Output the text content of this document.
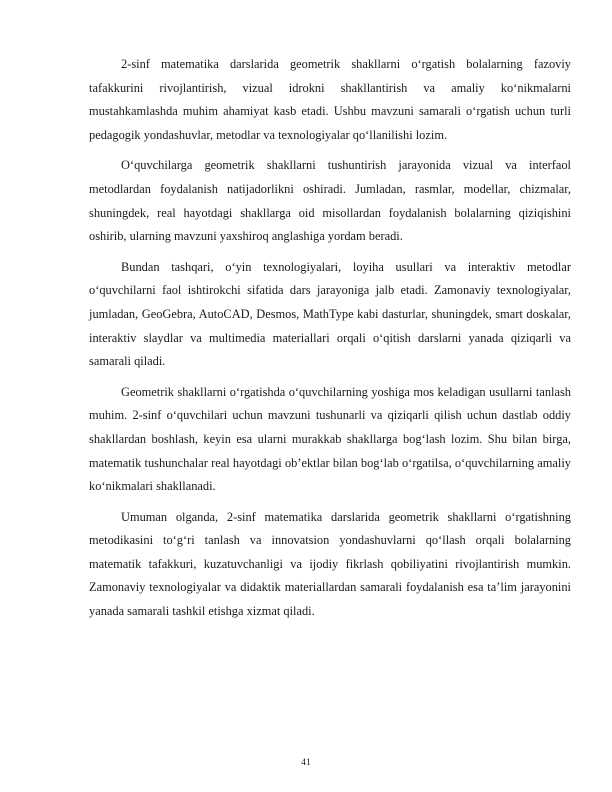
2-sinf matematika darslarida geometrik shakllarni o‘rgatish bolalarning fazoviy tafakkurini rivojlantirish, vizual idrokni shakllantirish va amaliy ko‘nikmalarni mustahkamlashda muhim ahamiyat kasb etadi. Ushbu mavzuni samarali o‘rgatish uchun turli pedagogik yondashuvlar, metodlar va texnologiyalar qo‘llanilishi lozim.

O‘quvchilarga geometrik shakllarni tushuntirish jarayonida vizual va interfaol metodlardan foydalanish natijadorlikni oshiradi. Jumladan, rasmlar, modellar, chizmalar, shuningdek, real hayotdagi shakllarga oid misollardan foydalanish bolalarning qiziqishini oshirib, ularning mavzuni yaxshiroq anglashiga yordam beradi.

Bundan tashqari, o‘yin texnologiyalari, loyiha usullari va interaktiv metodlar o‘quvchilarni faol ishtirokchi sifatida dars jarayoniga jalb etadi. Zamonaviy texnologiyalar, jumladan, GeoGebra, AutoCAD, Desmos, MathType kabi dasturlar, shuningdek, smart doskalar, interaktiv slaydlar va multimedia materiallari orqali o‘qitish darslarni yanada qiziqarli va samarali qiladi.

Geometrik shakllarni o‘rgatishda o‘quvchilarning yoshiga mos keladigan usullarni tanlash muhim. 2-sinf o‘quvchilari uchun mavzuni tushunarli va qiziqarli qilish uchun dastlab oddiy shakllardan boshlash, keyin esa ularni murakkab shakllarga bog‘lash lozim. Shu bilan birga, matematik tushunchalar real hayotdagi ob’ektlar bilan bog‘lab o‘rgatilsa, o‘quvchilarning amaliy ko‘nikmalari shakllanadi.

Umuman olganda, 2-sinf matematika darslarida geometrik shakllarni o‘rgatishning metodikasini to‘g‘ri tanlash va innovatsion yondashuvlarni qo‘llash orqali bolalarning matematik tafakkuri, kuzatuvchanligi va ijodiy fikrlash qobiliyatini rivojlantirish mumkin. Zamonaviy texnologiyalar va didaktik materiallardan samarali foydalanish esa ta’lim jarayonini yanada samarali tashkil etishga xizmat qiladi.

41
